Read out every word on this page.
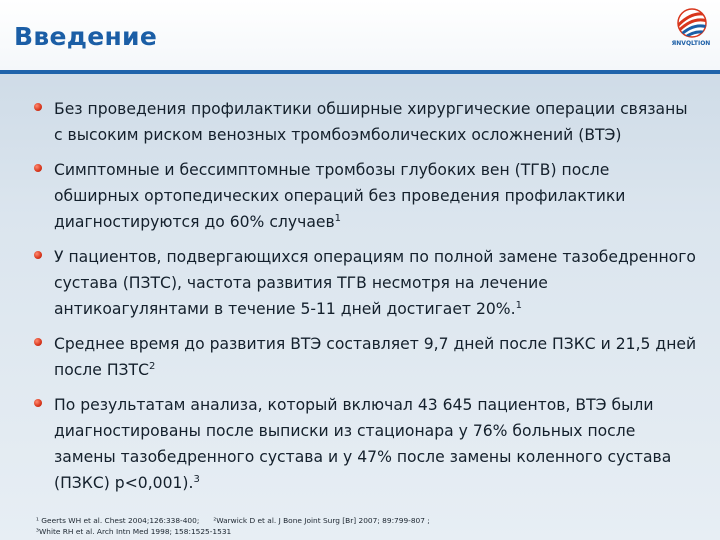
Введение	ЯNVQLTION
Без проведения профилактики обширные хирургические операции связаны с высоким риском венозных тромбоэмболических осложнений (ВТЭ)
Симптомные и бессимптомные тромбозы глубоких вен (ТГВ) после обширных ортопедических операций без проведения профилактики диагностируются до 60% случаев$^1$
У пациентов, подвергающихся операциям по полной замене тазобедренного сустава (ПЗТС), частота развития ТГВ несмотря на лечение антикоагулянтами в течение 5-11 дней достигает 20%.$^1$
Среднее время до развития ВТЭ составляет 9,7 дней после ПЗКС и 21,5 дней после ПЗТС$^2$
По результатам анализа, который включал 43 645 пациентов, ВТЭ были диагностированы после выписки из стационара у 76% больных после замены тазобедренного сустава и у 47% после замены коленного сустава (ПЗКС) p<0,001).$^3$
¹ Geerts WH et al. Chest 2004;126:338-400; ²Warwick D et al. J Bone Joint Surg [Br] 2007; 89:799-807 ;
³White RH et al. Arch Intn Med 1998; 158:1525-1531
